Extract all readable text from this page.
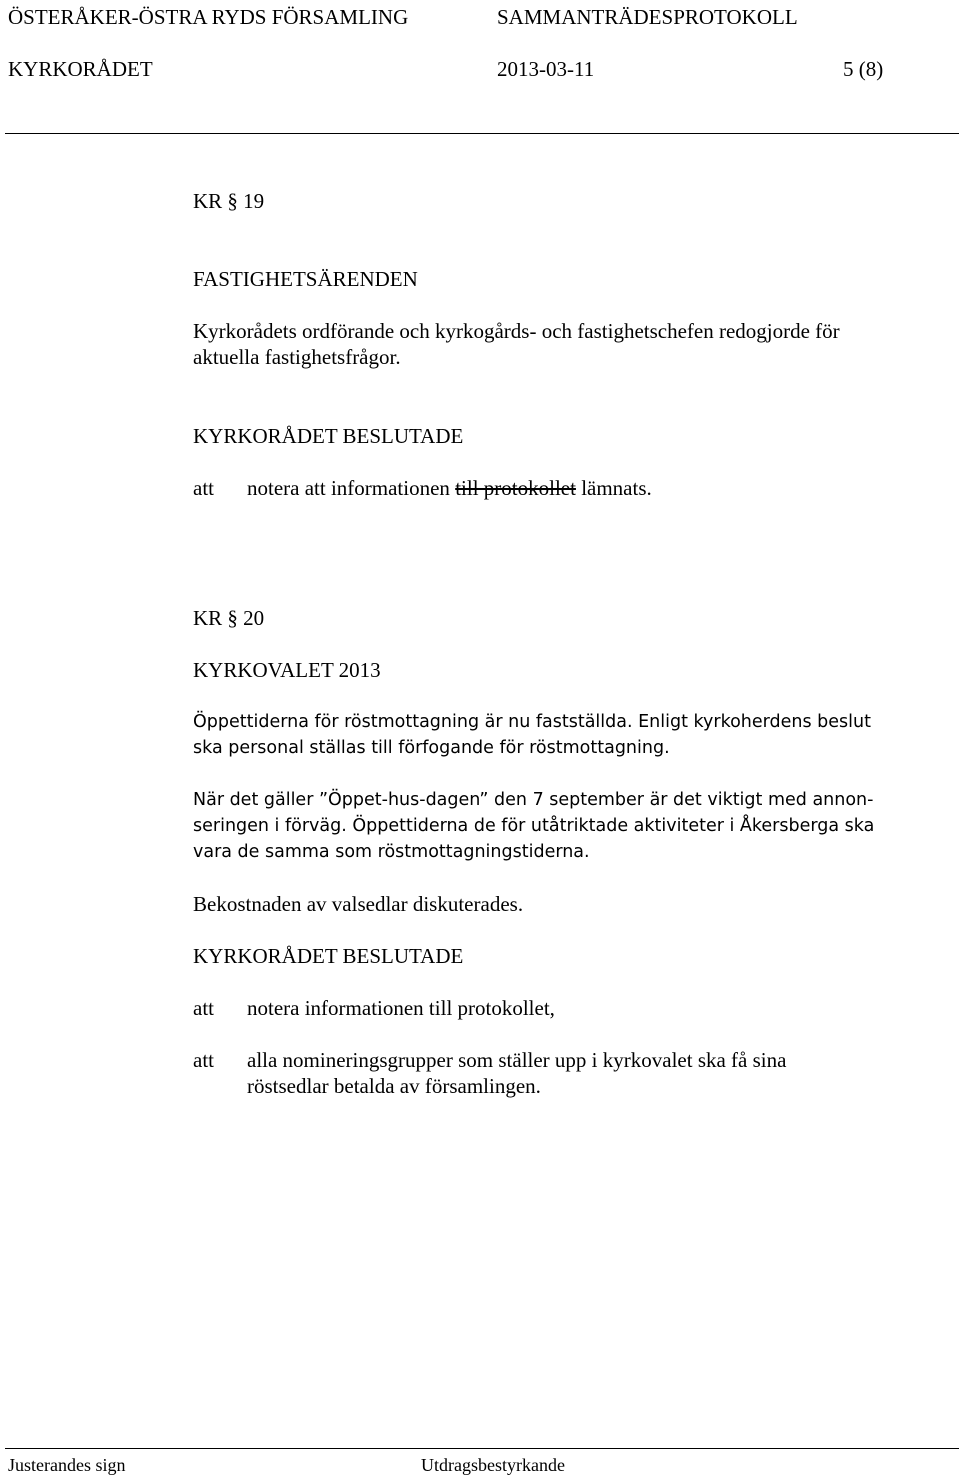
ÖSTERÅKER-ÖSTRA RYDS FÖRSAMLING	SAMMANTRÄDESPROTOKOLL
KYRKORÅDET	2013-03-11	5 (8)
KR § 19
FASTIGHETSÄRENDEN
Kyrkorådets ordförande och kyrkogårds- och fastighetschefen redogjorde för
aktuella fastighetsfrågor.
KYRKORÅDET BESLUTADE
att notera att informationen till protokollet lämnats.
KR § 20
KYRKOVALET 2013
Öppettiderna för röstmottagning är nu fastställda. Enligt kyrkoherdens beslut
ska personal ställas till förfogande för röstmottagning.
När det gäller ”Öppet-hus-dagen” den 7 september är det viktigt med annon-
seringen i förväg. Öppettiderna de för utåtriktade aktiviteter i Åkersberga ska
vara de samma som röstmottagningstiderna.
Bekostnaden av valsedlar diskuterades.
KYRKORÅDET BESLUTADE
att notera informationen till protokollet,
att alla nomineringsgrupper som ställer upp i kyrkovalet ska få sina
röstsedlar betalda av församlingen.
Justerandes sign	Utdragsbestyrkande
